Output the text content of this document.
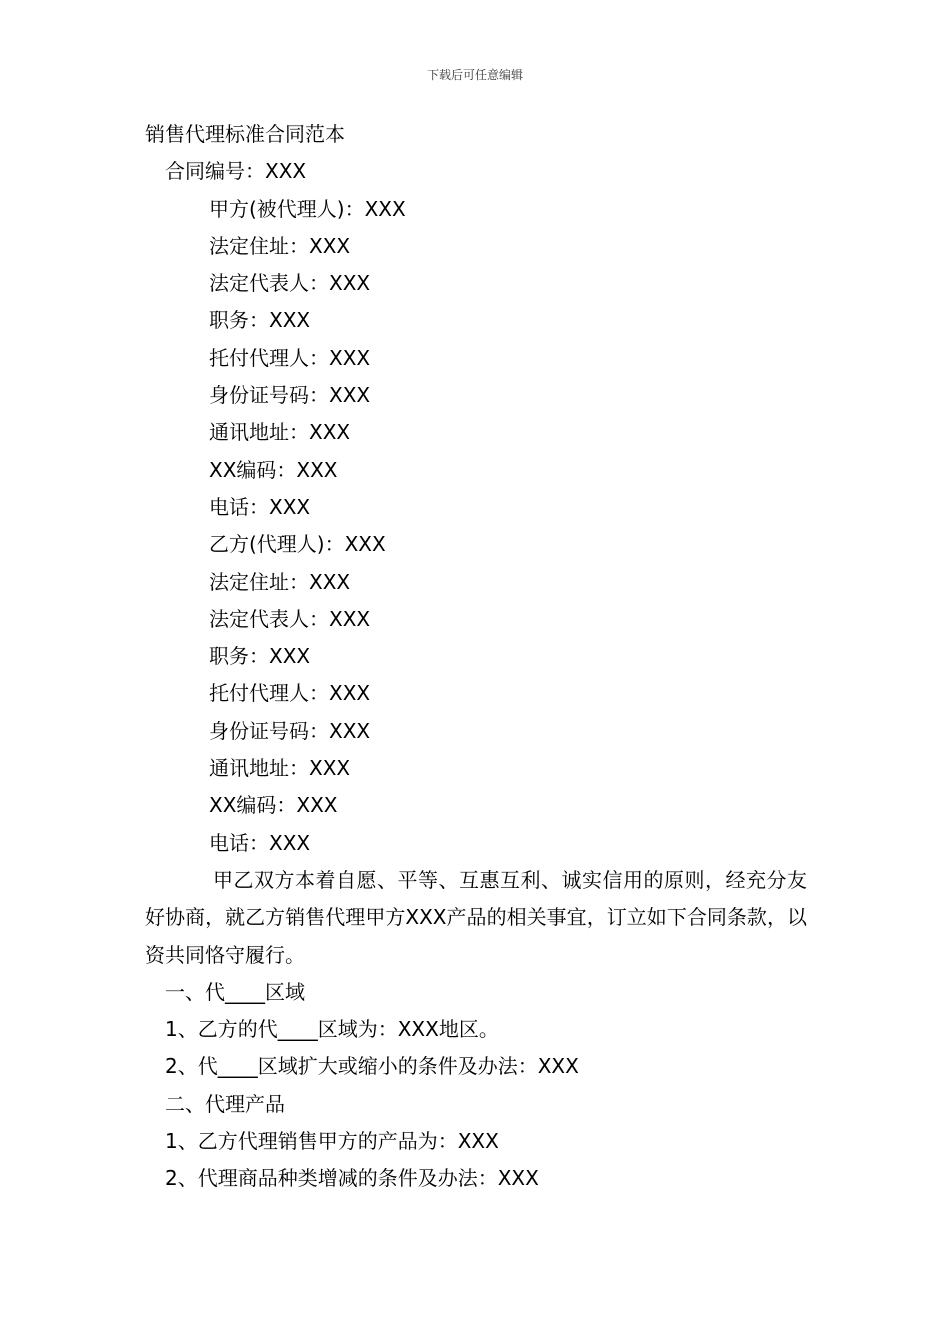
下载后可任意编辑
销售代理标准合同范本
合同编号：XXX
甲方(被代理人)：XXX
法定住址：XXX
法定代表人：XXX
职务：XXX
托付代理人：XXX
身份证号码：XXX
通讯地址：XXX
XX编码：XXX
电话：XXX
乙方(代理人)：XXX
法定住址：XXX
法定代表人：XXX
职务：XXX
托付代理人：XXX
身份证号码：XXX
通讯地址：XXX
XX编码：XXX
电话：XXX

甲乙双方本着自愿、平等、互惠互利、诚实信用的原则，经充分友好协商，就乙方销售代理甲方XXX产品的相关事宜，订立如下合同条款，以资共同恪守履行。

一、代____区域
1、乙方的代____区域为：XXX地区。
2、代____区域扩大或缩小的条件及办法：XXX
二、代理产品
1、乙方代理销售甲方的产品为：XXX
2、代理商品种类增减的条件及办法：XXX
